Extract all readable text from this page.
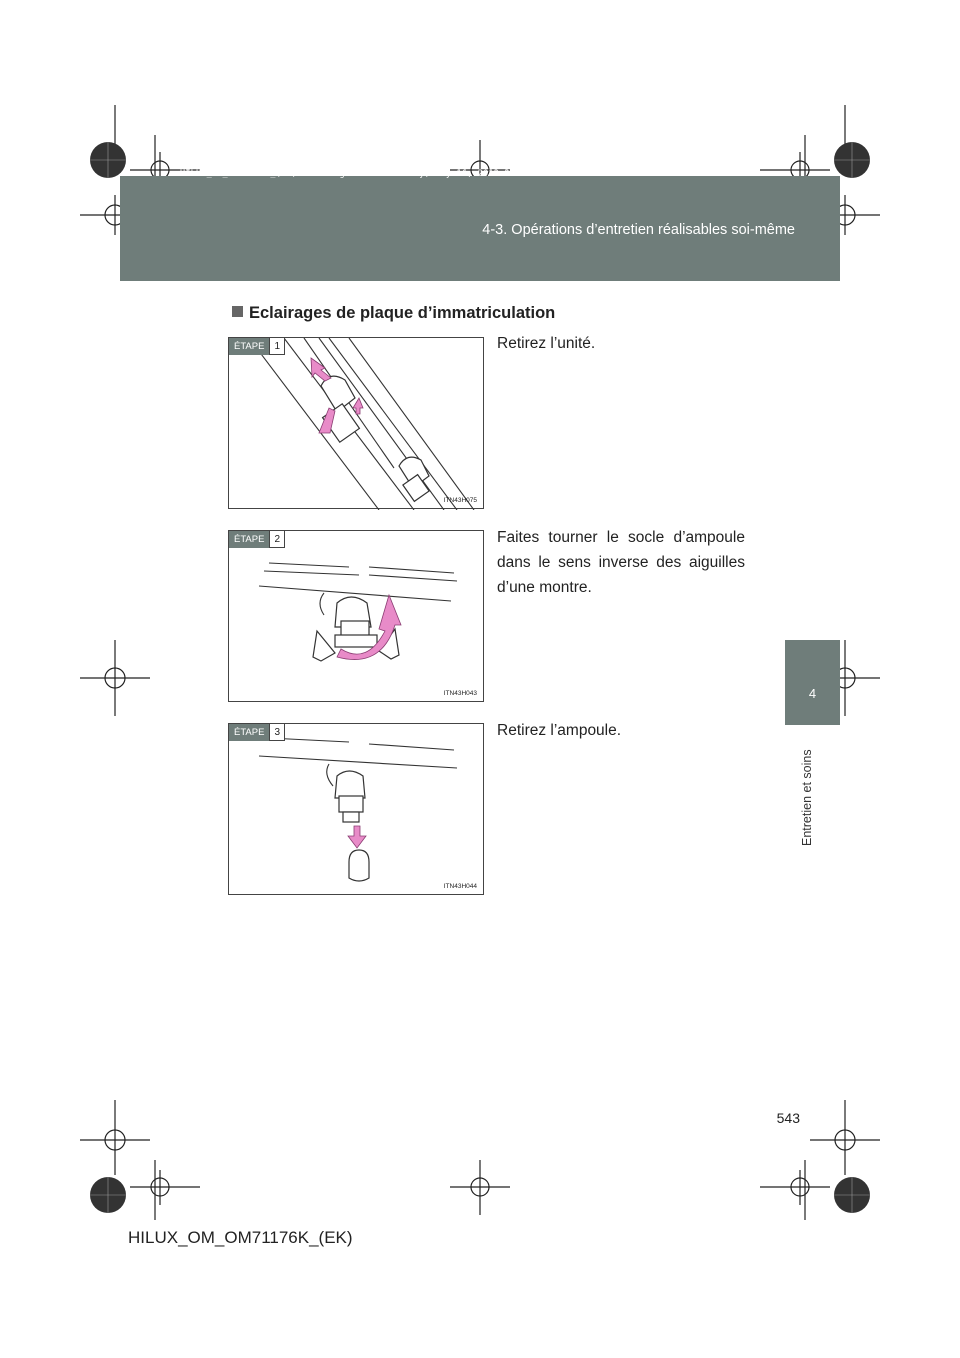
HILUX_OM_OM71176K_(EK).book Page 543 Wednesday, May 16, 2012 2:32 PM
4-3. Opérations d’entretien réalisables soi-même
4
Entretien et soins
Eclairages de plaque d’immatriculation
ÉTAPE	1
ITN43H075
Retirez l’unité.
ÉTAPE	2
ITN43H043
Faites tourner le socle d’ampoule dans le sens inverse des aiguilles d’une montre.
ÉTAPE	3
ITN43H044
Retirez l’ampoule.
543
HILUX_OM_OM71176K_(EK)
